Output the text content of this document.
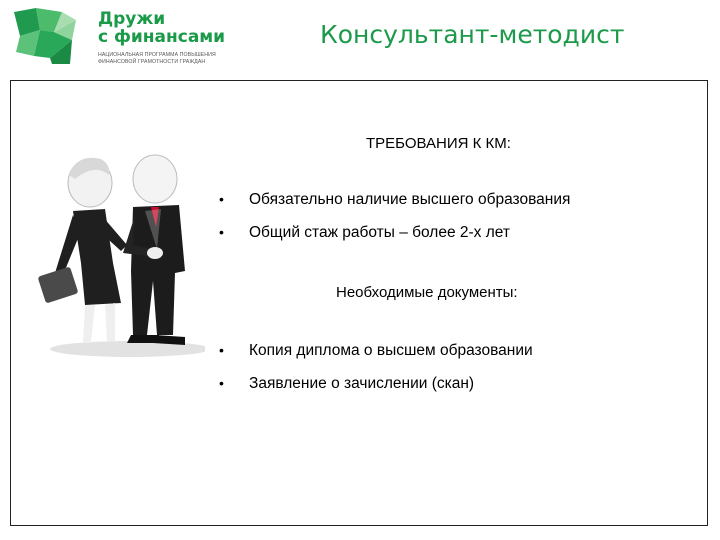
Дружи
с финансами
НАЦИОНАЛЬНАЯ ПРОГРАММА ПОВЫШЕНИЯ
ФИНАНСОВОЙ ГРАМОТНОСТИ ГРАЖДАН
Консультант-методист
ТРЕБОВАНИЯ К КМ:
• Обязательно наличие высшего образования
• Общий стаж работы – более 2-х лет
Необходимые документы:
• Копия диплома о высшем образовании
• Заявление о зачислении (скан)
